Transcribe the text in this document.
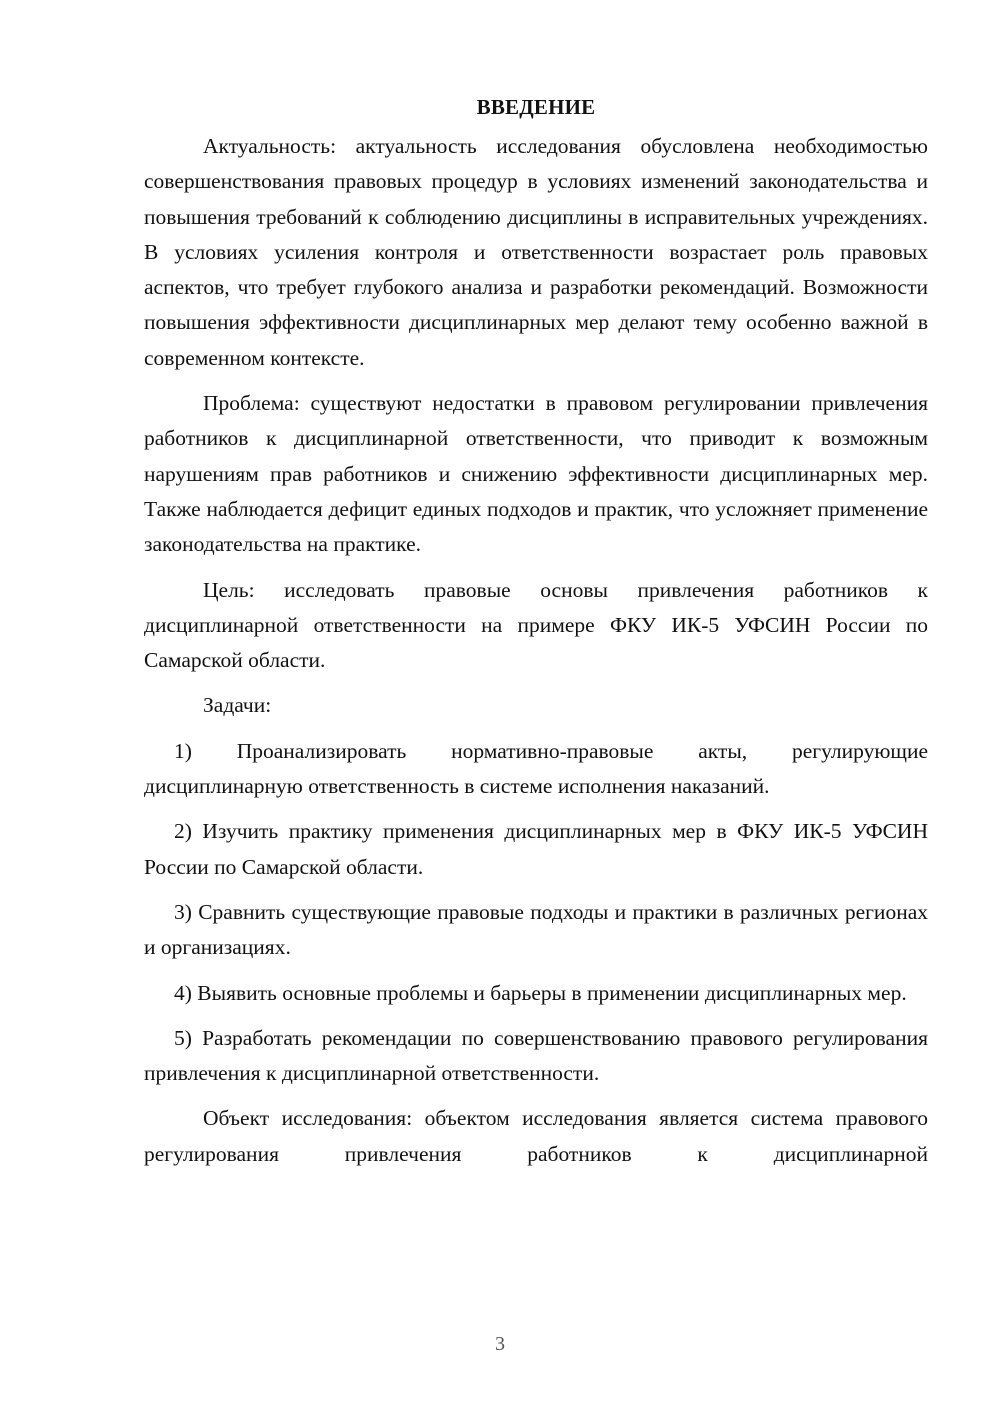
ВВЕДЕНИЕ

Актуальность: актуальность исследования обусловлена необходимостью совершенствования правовых процедур в условиях изменений законодательства и повышения требований к соблюдению дисциплины в исправительных учреждениях. В условиях усиления контроля и ответственности возрастает роль правовых аспектов, что требует глубокого анализа и разработки рекомендаций. Возможности повышения эффективности дисциплинарных мер делают тему особенно важной в современном контексте.

Проблема: существуют недостатки в правовом регулировании привлечения работников к дисциплинарной ответственности, что приводит к возможным нарушениям прав работников и снижению эффективности дисциплинарных мер. Также наблюдается дефицит единых подходов и практик, что усложняет применение законодательства на практике.

Цель: исследовать правовые основы привлечения работников к дисциплинарной ответственности на примере ФКУ ИК-5 УФСИН России по Самарской области.

Задачи:

1) Проанализировать нормативно-правовые акты, регулирующие дисциплинарную ответственность в системе исполнения наказаний.

2) Изучить практику применения дисциплинарных мер в ФКУ ИК-5 УФСИН России по Самарской области.

3) Сравнить существующие правовые подходы и практики в различных регионах и организациях.

4) Выявить основные проблемы и барьеры в применении дисциплинарных мер.

5) Разработать рекомендации по совершенствованию правового регулирования привлечения к дисциплинарной ответственности.

Объект исследования: объектом исследования является система правового регулирования привлечения работников к дисциплинарной

3
